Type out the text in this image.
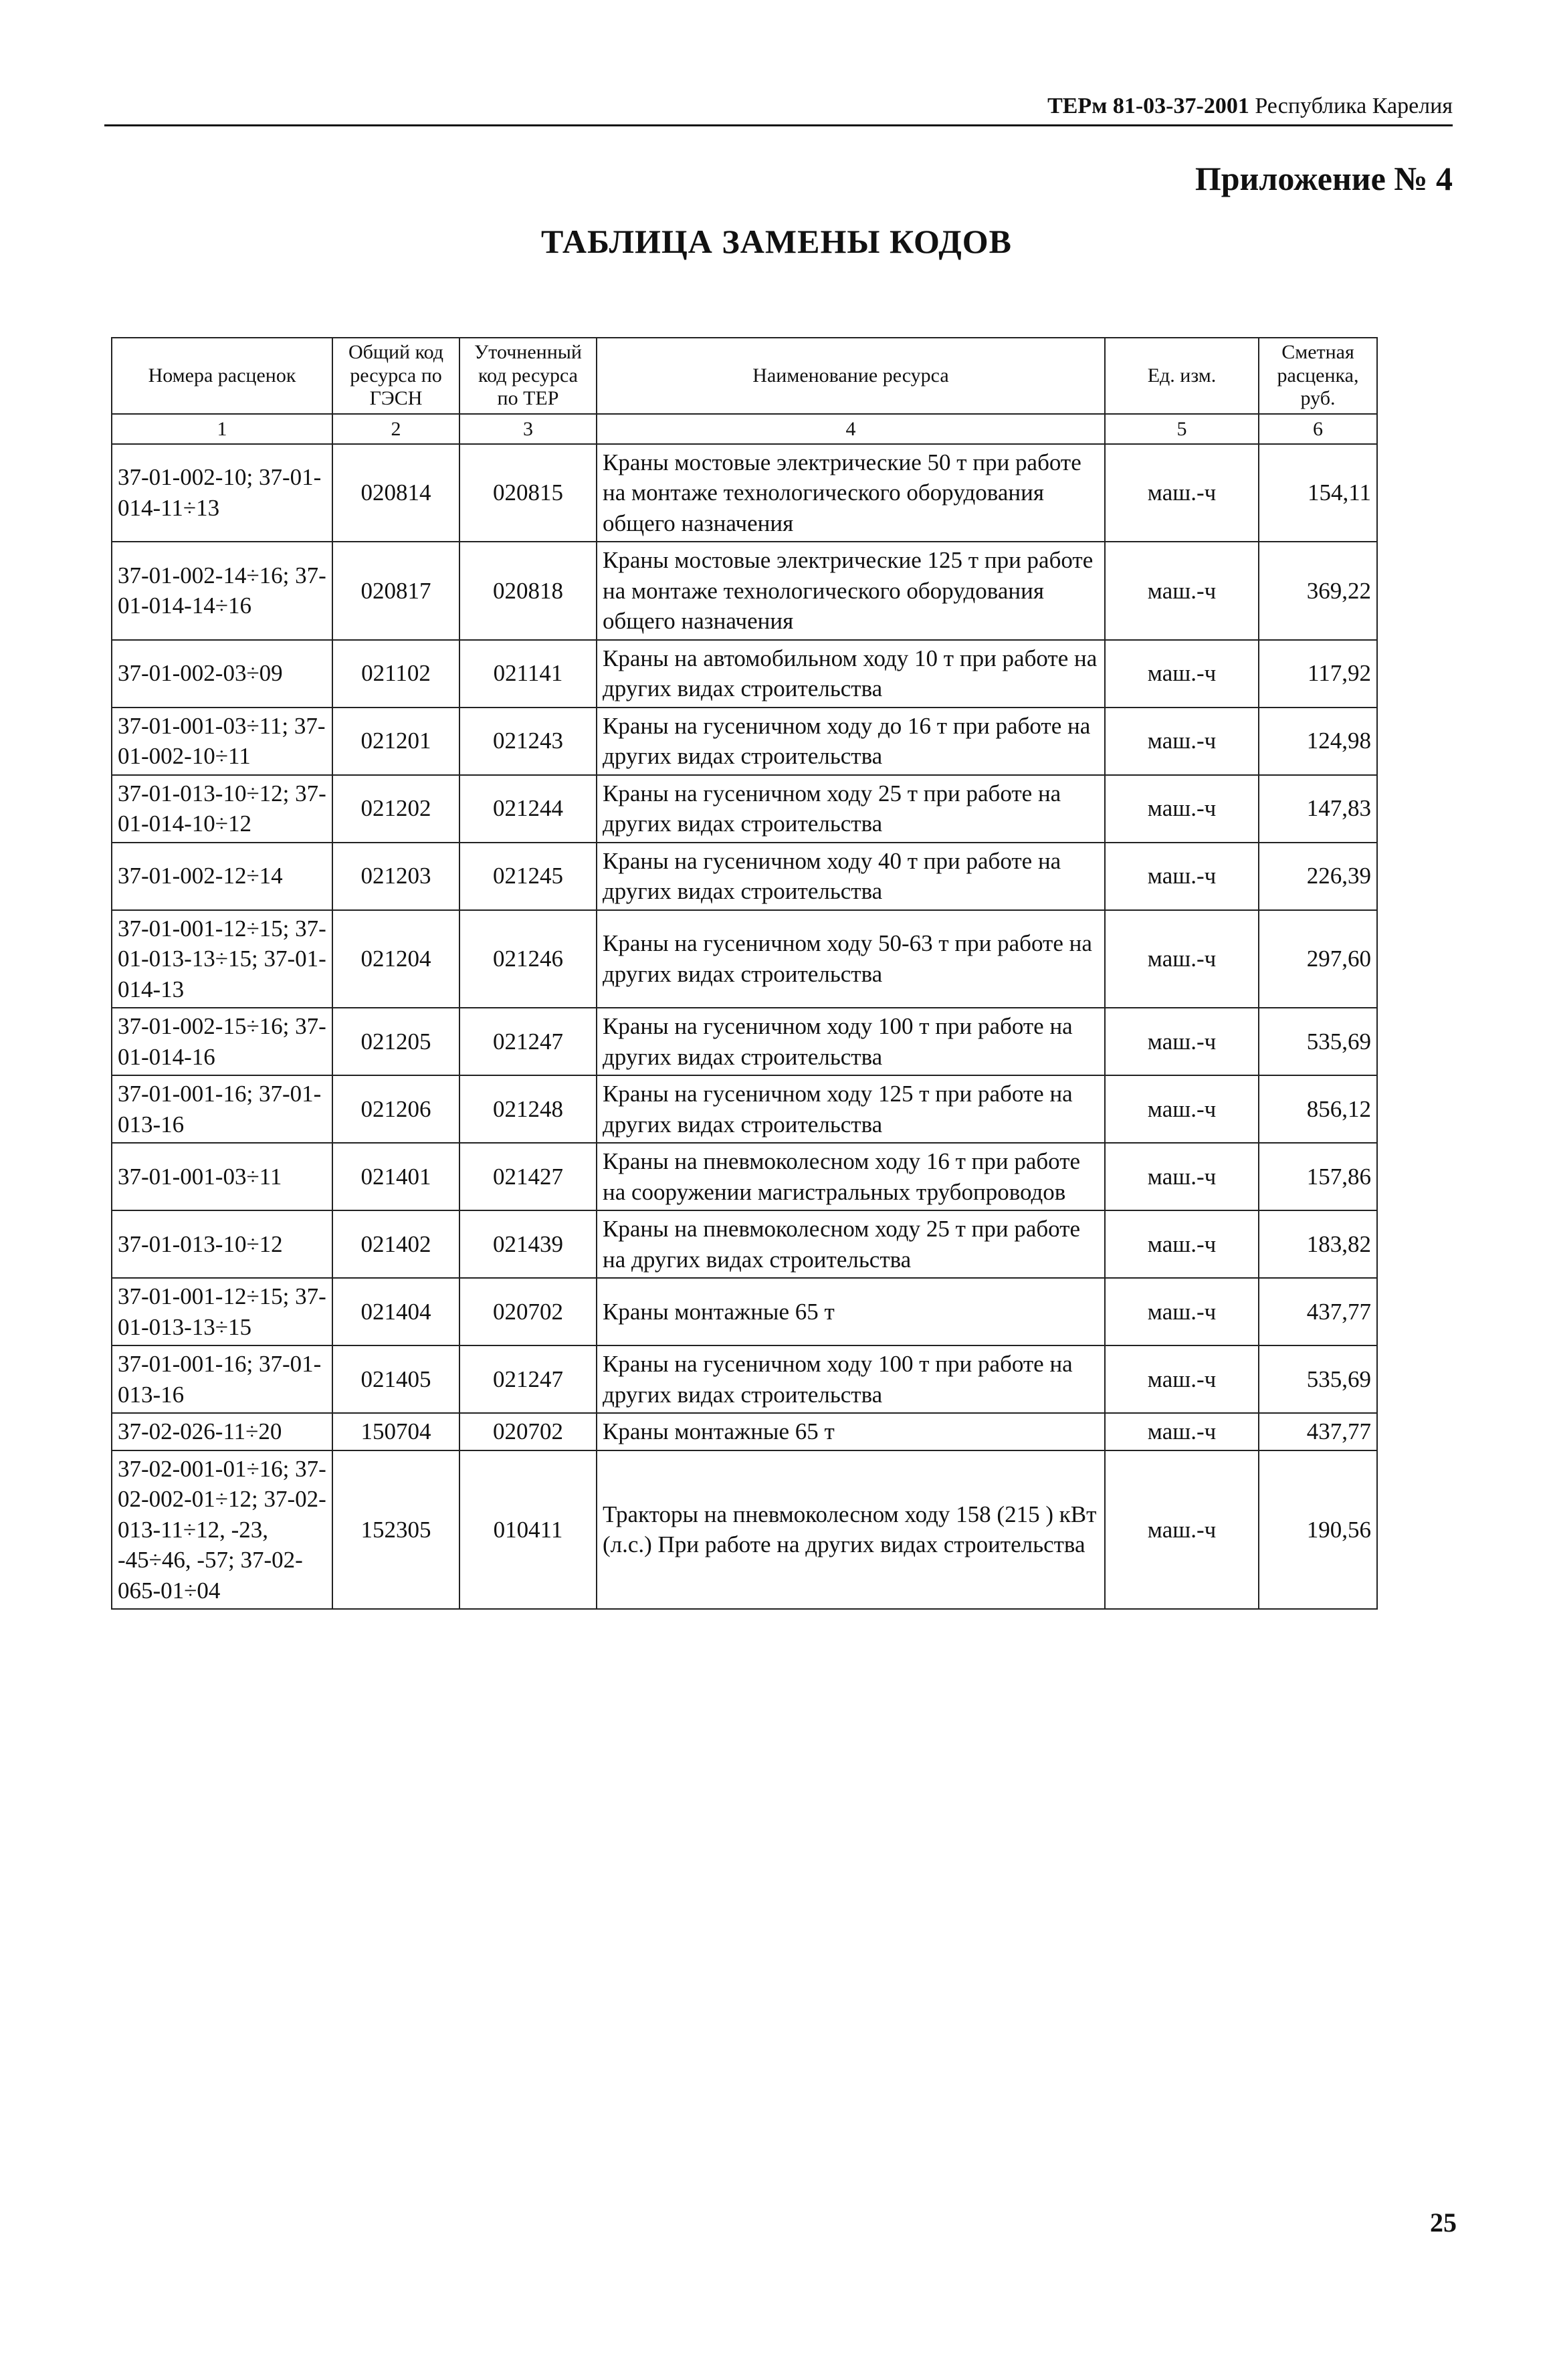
ТЕРм 81-03-37-2001 Республика Карелия
Приложение № 4
ТАБЛИЦА ЗАМЕНЫ КОДОВ
Номера расценок	Общий код ресурса по ГЭСН	Уточненный код ресурса по ТЕР	Наименование ресурса	Ед. изм.	Сметная расценка, руб.
1	2	3	4	5	6
37-01-002-10; 37-01-014-11÷13	020814	020815	Краны мостовые электрические 50 т при работе на монтаже технологического оборудования общего назначения	маш.-ч	154,11
37-01-002-14÷16; 37-01-014-14÷16	020817	020818	Краны мостовые электрические 125 т при работе на монтаже технологического оборудования общего назначения	маш.-ч	369,22
37-01-002-03÷09	021102	021141	Краны на автомобильном ходу 10 т при работе на других видах строительства	маш.-ч	117,92
37-01-001-03÷11; 37-01-002-10÷11	021201	021243	Краны на гусеничном ходу до 16 т при работе на других видах строительства	маш.-ч	124,98
37-01-013-10÷12; 37-01-014-10÷12	021202	021244	Краны на гусеничном ходу 25 т при работе на других видах строительства	маш.-ч	147,83
37-01-002-12÷14	021203	021245	Краны на гусеничном ходу 40 т при работе на других видах строительства	маш.-ч	226,39
37-01-001-12÷15; 37-01-013-13÷15; 37-01-014-13	021204	021246	Краны на гусеничном ходу 50-63 т при работе на других видах строительства	маш.-ч	297,60
37-01-002-15÷16; 37-01-014-16	021205	021247	Краны на гусеничном ходу 100 т при работе на других видах строительства	маш.-ч	535,69
37-01-001-16; 37-01-013-16	021206	021248	Краны на гусеничном ходу 125 т при работе на других видах строительства	маш.-ч	856,12
37-01-001-03÷11	021401	021427	Краны на пневмоколесном ходу 16 т при работе на сооружении магистральных трубопроводов	маш.-ч	157,86
37-01-013-10÷12	021402	021439	Краны на пневмоколесном ходу 25 т при работе на других видах строительства	маш.-ч	183,82
37-01-001-12÷15; 37-01-013-13÷15	021404	020702	Краны монтажные 65 т	маш.-ч	437,77
37-01-001-16; 37-01-013-16	021405	021247	Краны на гусеничном ходу 100 т при работе на других видах строительства	маш.-ч	535,69
37-02-026-11÷20	150704	020702	Краны монтажные 65 т	маш.-ч	437,77
37-02-001-01÷16; 37-02-002-01÷12; 37-02-013-11÷12, -23, -45÷46, -57; 37-02-065-01÷04	152305	010411	Тракторы на пневмоколесном ходу 158 (215 ) кВт (л.с.) При работе на других видах строительства	маш.-ч	190,56
25
